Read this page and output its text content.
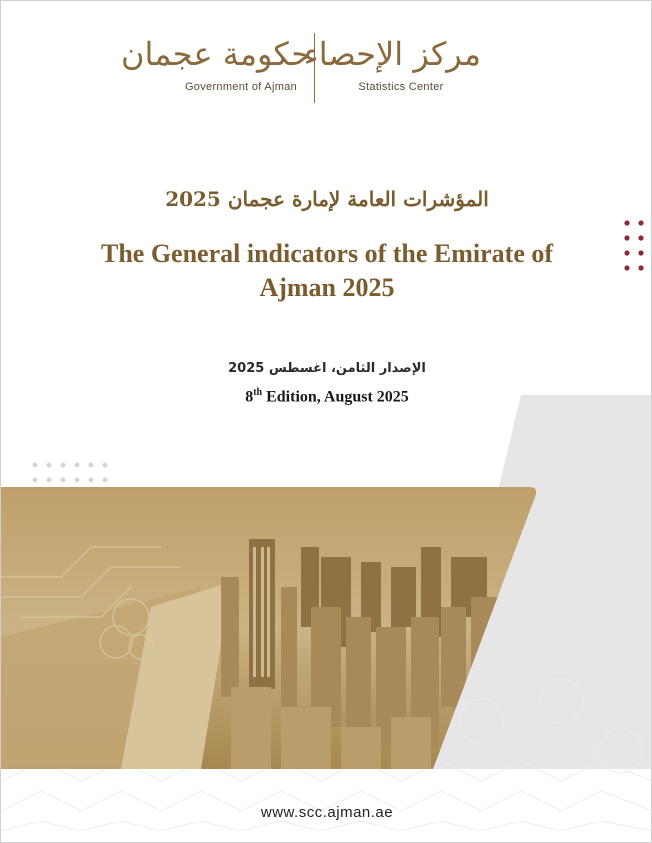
حكومة عجمان
Government of Ajman
مركز الإحصاء
Statistics Center
المؤشرات العامة لإمارة عجمان 2025
The General indicators of the Emirate of Ajman 2025
الإصدار الثامن، اغسطس 2025
8th Edition, August 2025
www.scc.ajman.ae
